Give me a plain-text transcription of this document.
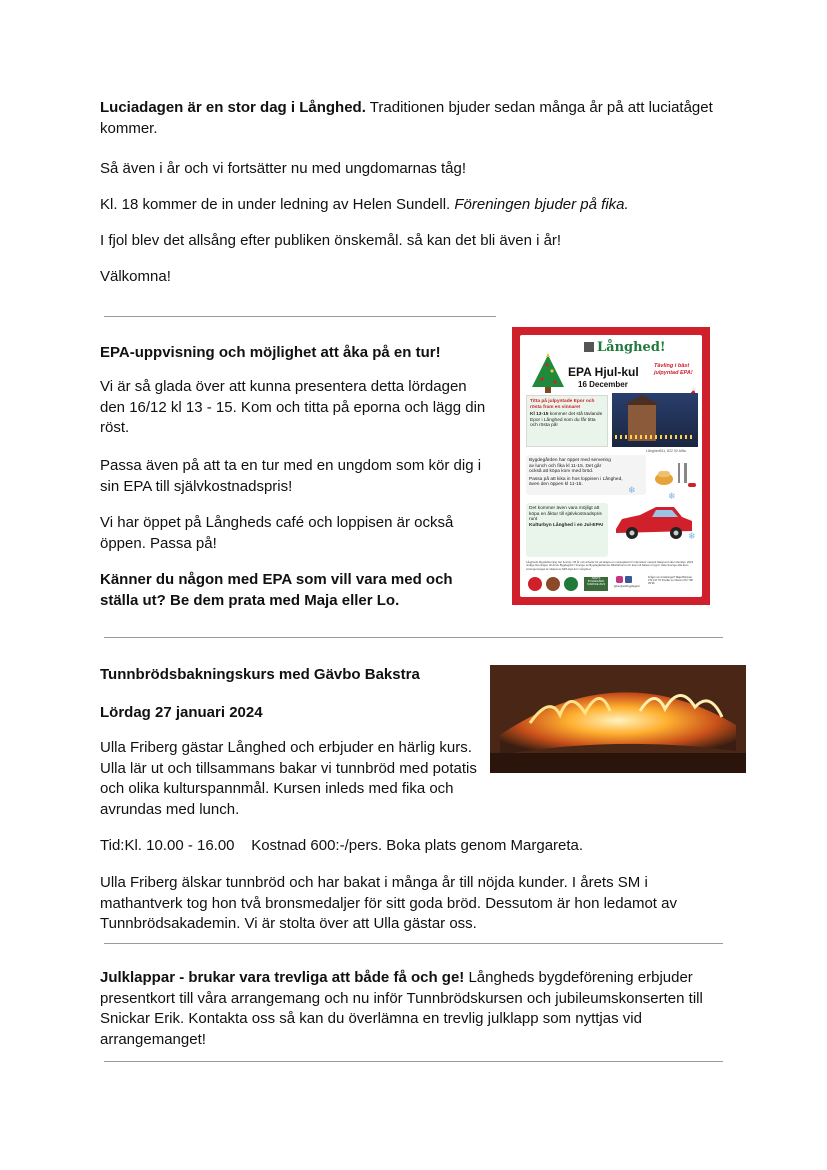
Luciadagen är en stor dag i Långhed. Traditionen bjuder sedan många år på att luciatåget kommer.

Så även i år och vi fortsätter nu med ungdomarnas tåg!

Kl. 18 kommer de in under ledning av Helen Sundell. Föreningen bjuder på fika.

I fjol blev det allsång efter publiken önskemål. så kan det bli även i år!

Välkomna!

EPA-uppvisning och möjlighet att åka på en tur!

Vi är så glada över att kunna presentera detta lördagen den 16/12 kl 13 - 15. Kom och titta på eporna och lägg din röst.

Passa även på att ta en tur med en ungdom som kör dig i sin EPA till självkostnadspris!

Vi har öppet på Långheds café och loppisen är också öppen. Passa på!

Känner du någon med EPA som vill vara med och ställa ut? Be dem prata med Maja eller Lo.

Långhed!
EPA Hjul-kul
16 December
Tävling i bäst julpyntad EPA!
Titta på julpyntade Epor och rösta fram en vinnare!
Kl 13-15 kommer det stå tävlande Epor i Långhed som du får titta och rösta på!
Långhed511, 822 92 Alfta
Bygdegården har öppet med servering av lunch och fika kl 11-15. Det går också att köpa korv med bröd.
Passa på att kika in hos loppisen i Långhed, även den öppen kl 11-15.
Det kommer även vara möjligt att köpa en åktur till självkostnadspris runt
Kulturbyn Långhed i en Jul-EPA!
❄
❄
❄
Långheds Bygdeförening har funnits i 35 år och arbetar för att skapa en mötesplats för människor oavsett bakgrund eller identitet. 2023 utsågs föreningen till Årets Bygdegård i Sverige av Bygdegårdarnas Riksförbund och även till bästa in bygd i Hela Sverige alla åren. Arrangemanget är skapat av EPA Hjul-kul i Långhed.
ÅRETS BYGDEGÅRD SVERIGE 2023
@langhedsbygdegard
Frågor om funderingar? Maja Bohman 072 217 97 04 eller Lo Olsson 072 728 35 96

Tunnbrödsbakningskurs med Gävbo Bakstra

Lördag 27 januari 2024

Ulla Friberg gästar Långhed och erbjuder en härlig kurs. Ulla lär ut och tillsammans bakar vi tunnbröd med potatis och olika kulturspannmål. Kursen inleds med fika och avrundas med lunch.

Tid:Kl. 10.00 - 16.00    Kostnad 600:-/pers. Boka plats genom Margareta.

Ulla Friberg älskar tunnbröd och har bakat i många år till nöjda kunder. I årets SM i mathantverk tog hon två bronsmedaljer för sitt goda bröd. Dessutom är hon ledamot av Tunnbrödsakademin. Vi är stolta över att Ulla gästar oss.

Julklappar - brukar vara trevliga att både få och ge! Långheds bygdeförening erbjuder presentkort till våra arrangemang och nu inför Tunnbrödskursen och jubileumskonserten till Snickar Erik. Kontakta oss så kan du överlämna en trevlig julklapp som nyttjas vid arrangemanget!
